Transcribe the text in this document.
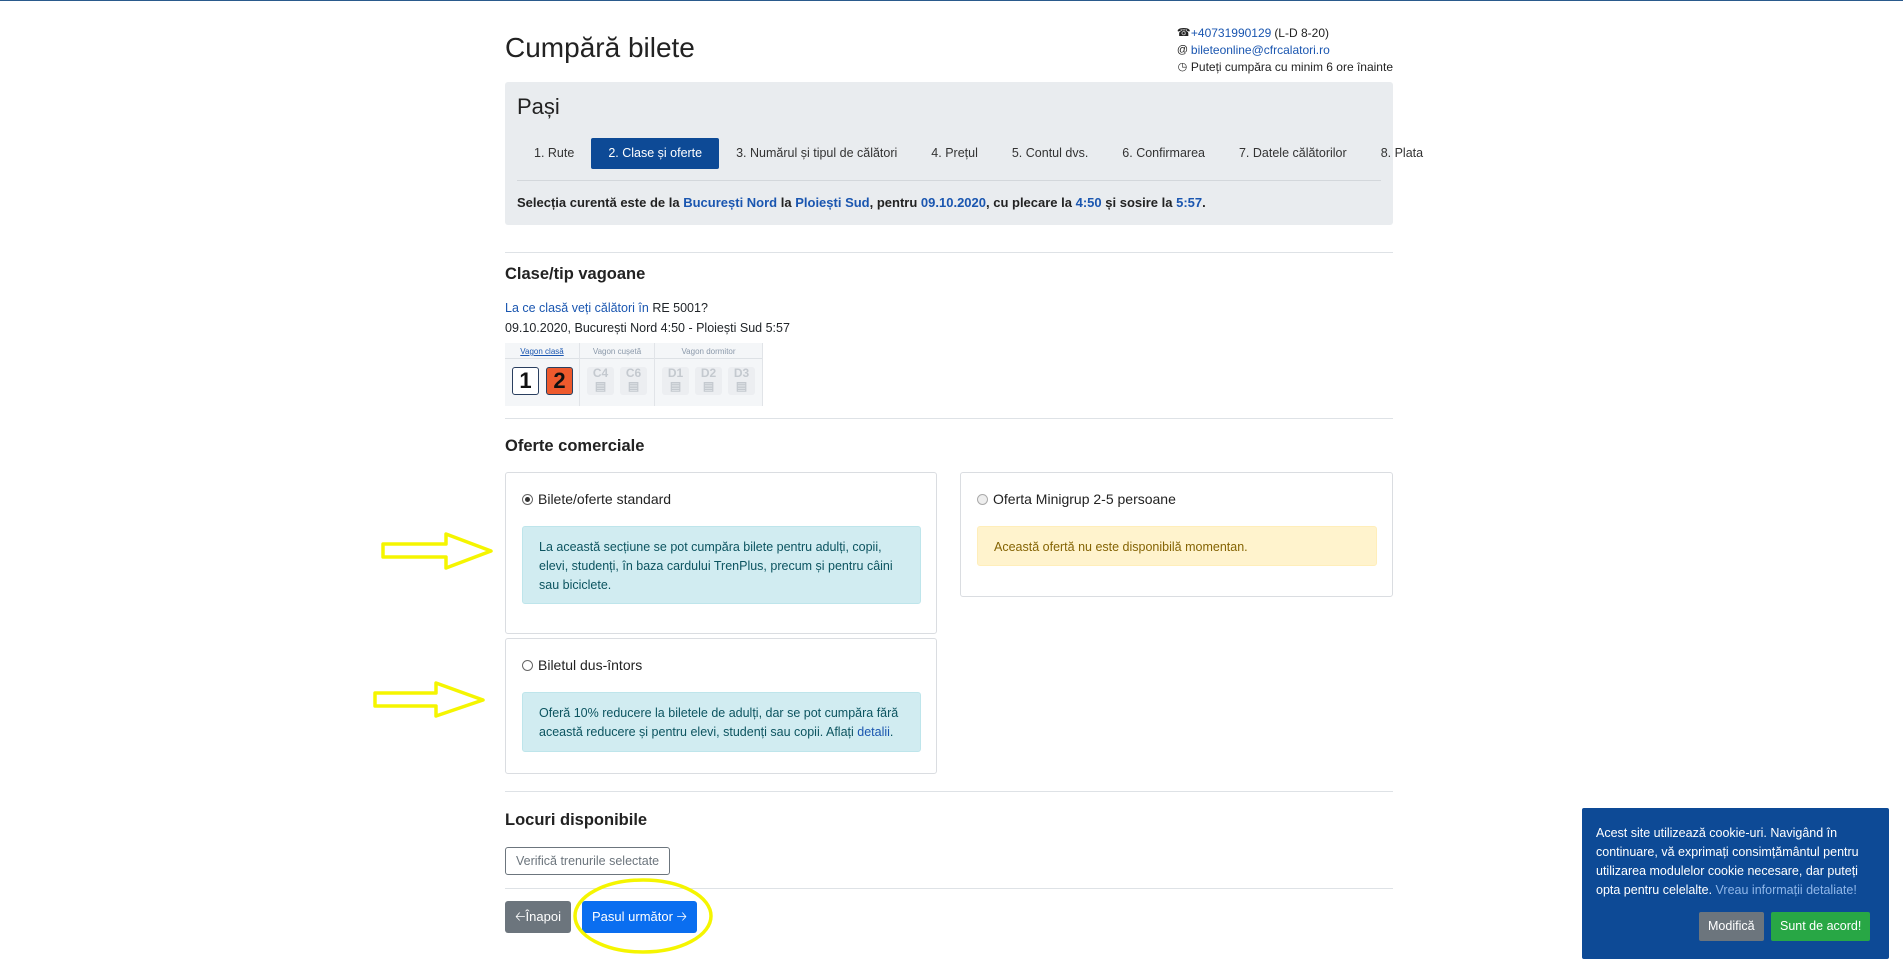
Cumpără bilete	☎ +40731990129 (L-D 8-20)
@ bileteonline@cfrcalatori.ro
◷ Puteți cumpăra cu minim 6 ore înainte
Pași
1. Rute	2. Clase și oferte	3. Numărul și tipul de călători	4. Prețul	5. Contul dvs.	6. Confirmarea	7. Datele călătorilor	8. Plata
Selecția curentă este de la București Nord la Ploiești Sud, pentru 09.10.2020, cu plecare la 4:50 și sosire la 5:57.
Clase/tip vagoane
La ce clasă veți călători în RE 5001?
09.10.2020, București Nord 4:50 - Ploiești Sud 5:57
Vagon clasă
1 2
Vagon cușetă
C4
▤
C6
▤
Vagon dormitor
D1
▤
D2
▤
D3
▤
Oferte comerciale
Bilete/oferte standard
La această secțiune se pot cumpăra bilete pentru adulți, copii, elevi, studenți, în baza cardului TrenPlus, precum și pentru câini sau biciclete.
Oferta Minigrup 2-5 persoane
Această ofertă nu este disponibilă momentan.
Biletul dus-întors
Oferă 10% reducere la biletele de adulți, dar se pot cumpăra fără această reducere și pentru elevi, studenți sau copii. Aflați detalii.
Locuri disponibile
Verifică trenurile selectate
🡠Înapoi	Pasul următor 🡢
Acest site utilizează cookie-uri. Navigând în continuare, vă exprimați consimțământul pentru utilizarea modulelor cookie necesare, dar puteți opta pentru celelalte. Vreau informații detaliate!
Modifică	Sunt de acord!
